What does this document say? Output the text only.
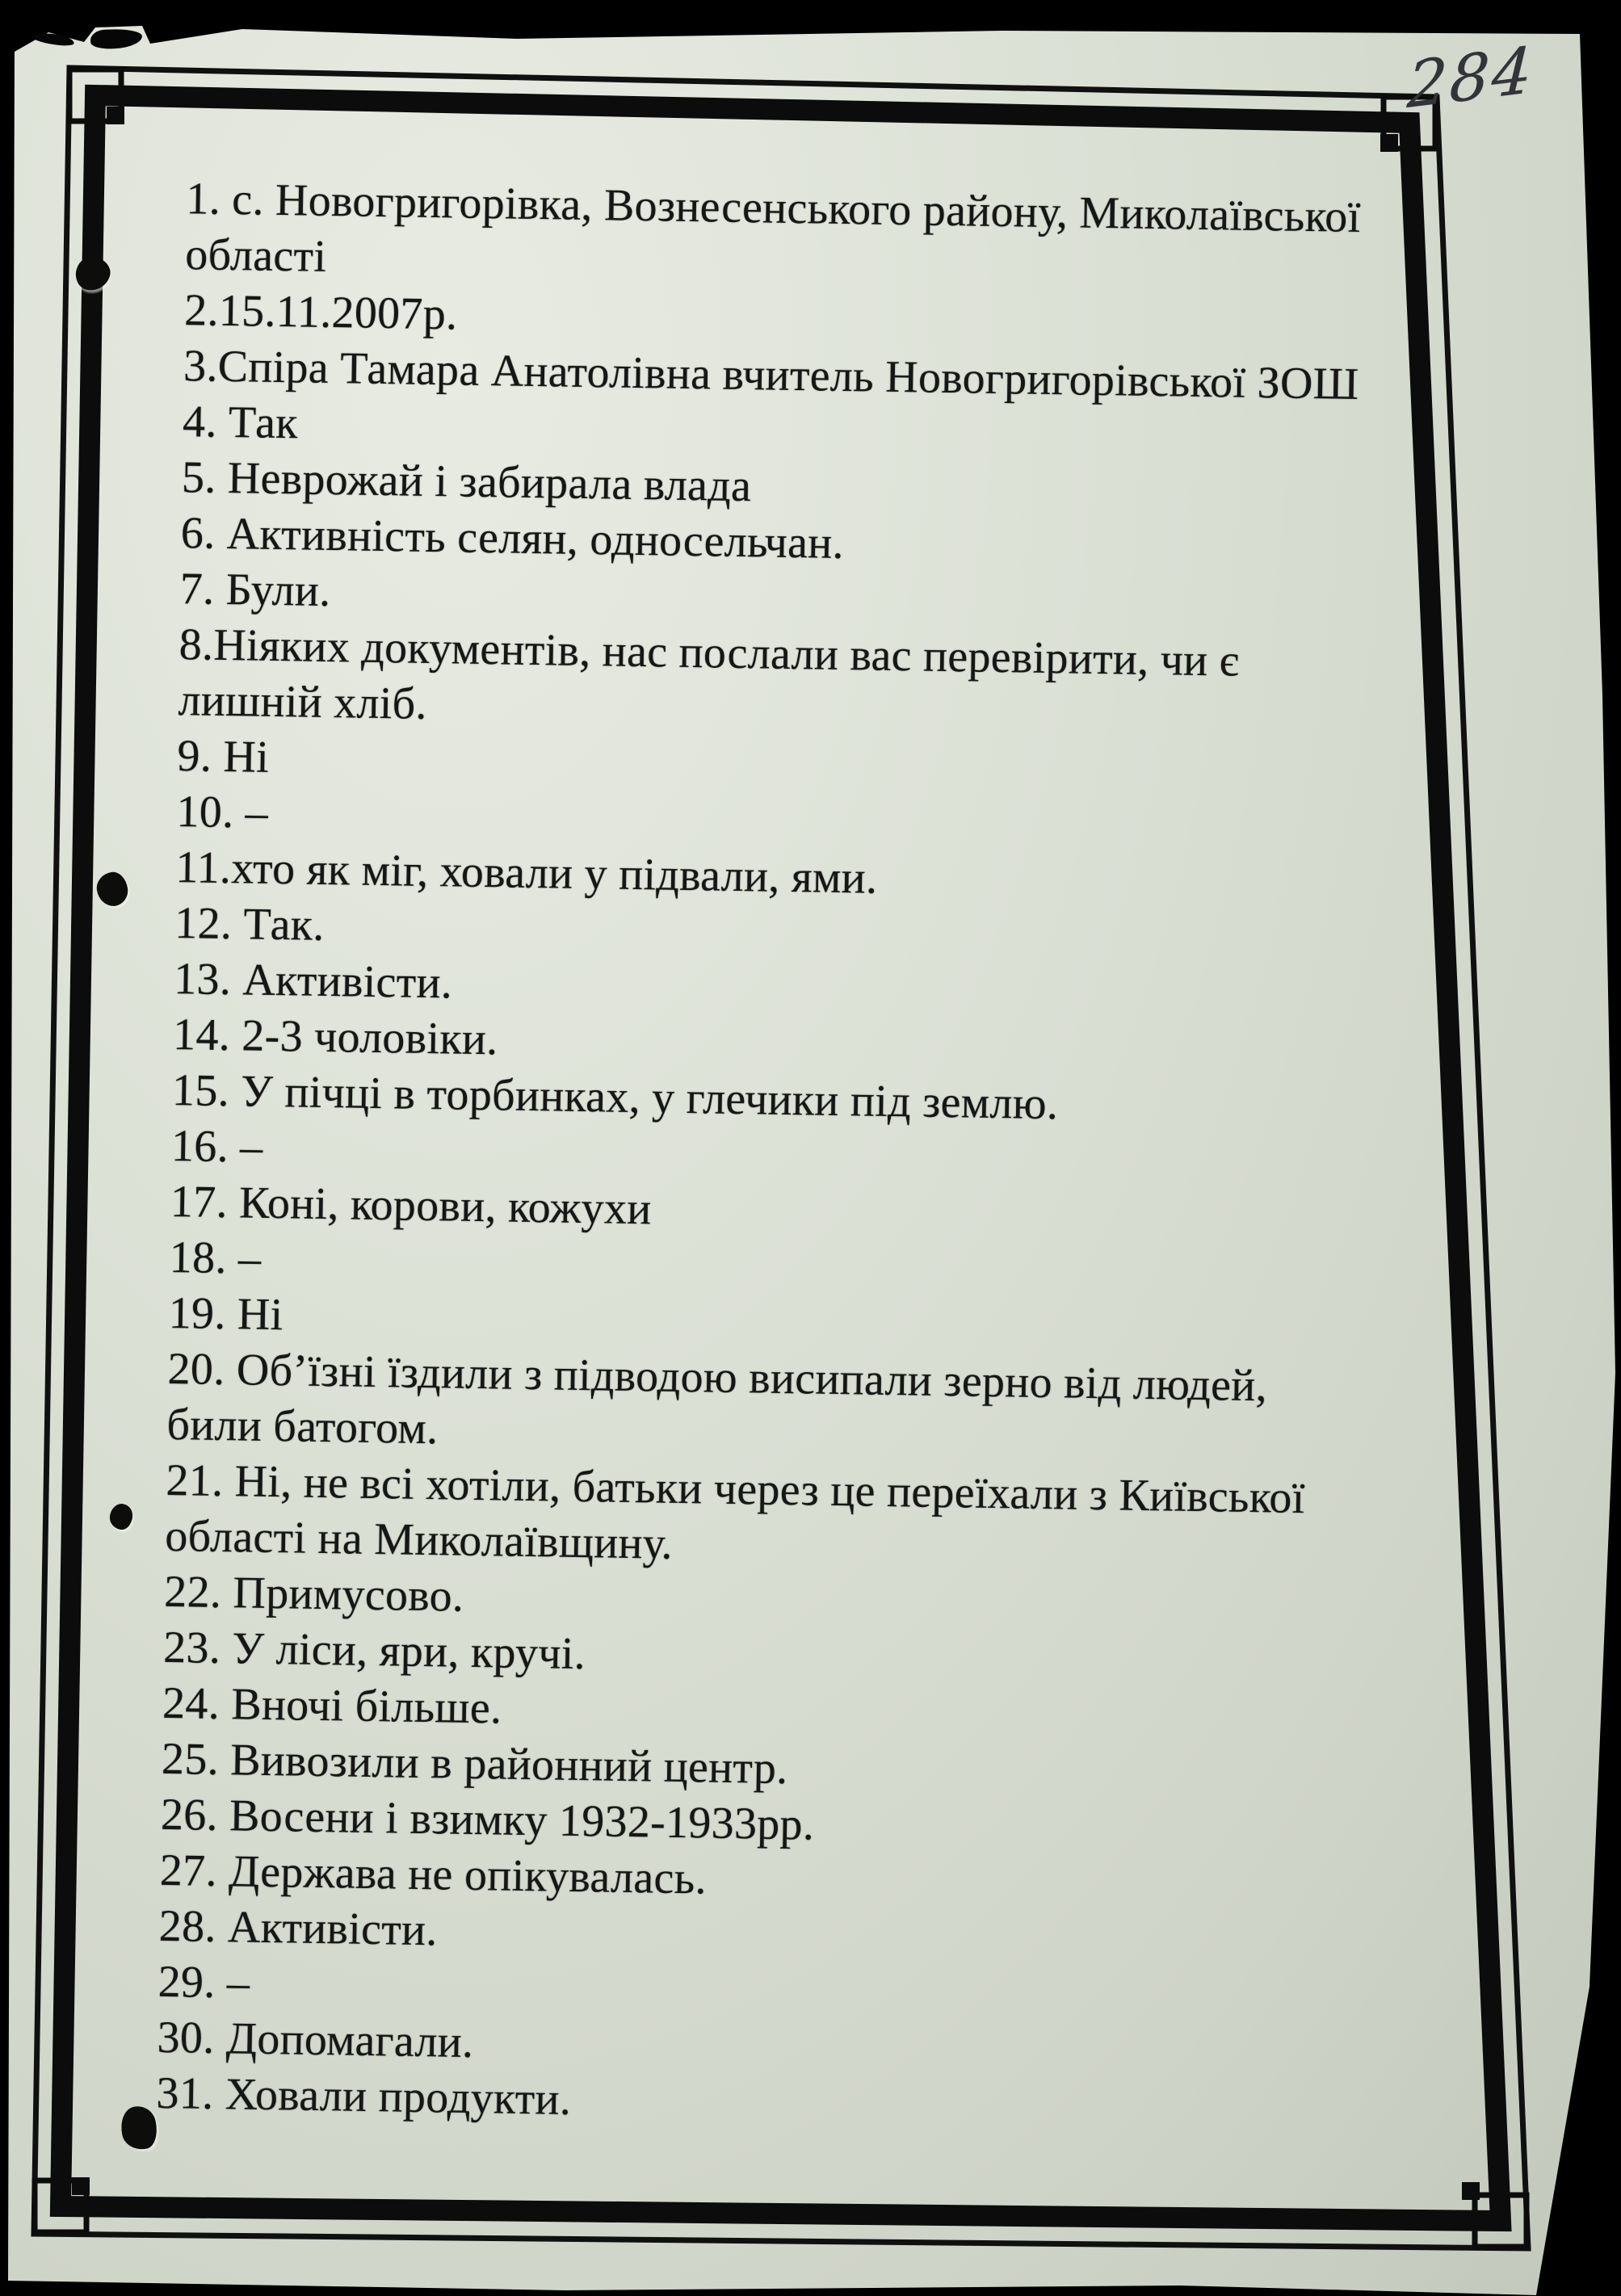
284
1. с. Новогригорівка, Вознесенського району, Миколаївської
області
2.15.11.2007р.
3.Спіра Тамара Анатолівна вчитель Новогригорівської ЗОШ
4. Так
5. Неврожай і забирала влада
6. Активність селян, односельчан.
7. Були.
8.Ніяких документів, нас послали вас перевірити, чи є
лишній хліб.
9. Ні
10. –
11.хто як міг, ховали у підвали, ями.
12. Так.
13. Активісти.
14. 2-3 чоловіки.
15. У пічці в торбинках, у глечики під землю.
16. –
17. Коні, корови, кожухи
18. –
19. Ні
20. Об’їзні їздили з підводою висипали зерно від людей,
били батогом.
21. Ні, не всі хотіли, батьки через це переїхали з Київської
області на Миколаївщину.
22. Примусово.
23. У ліси, яри, кручі.
24. Вночі більше.
25. Вивозили в районний центр.
26. Восени і взимку 1932-1933рр.
27. Держава не опікувалась.
28. Активісти.
29. –
30. Допомагали.
31. Ховали продукти.
